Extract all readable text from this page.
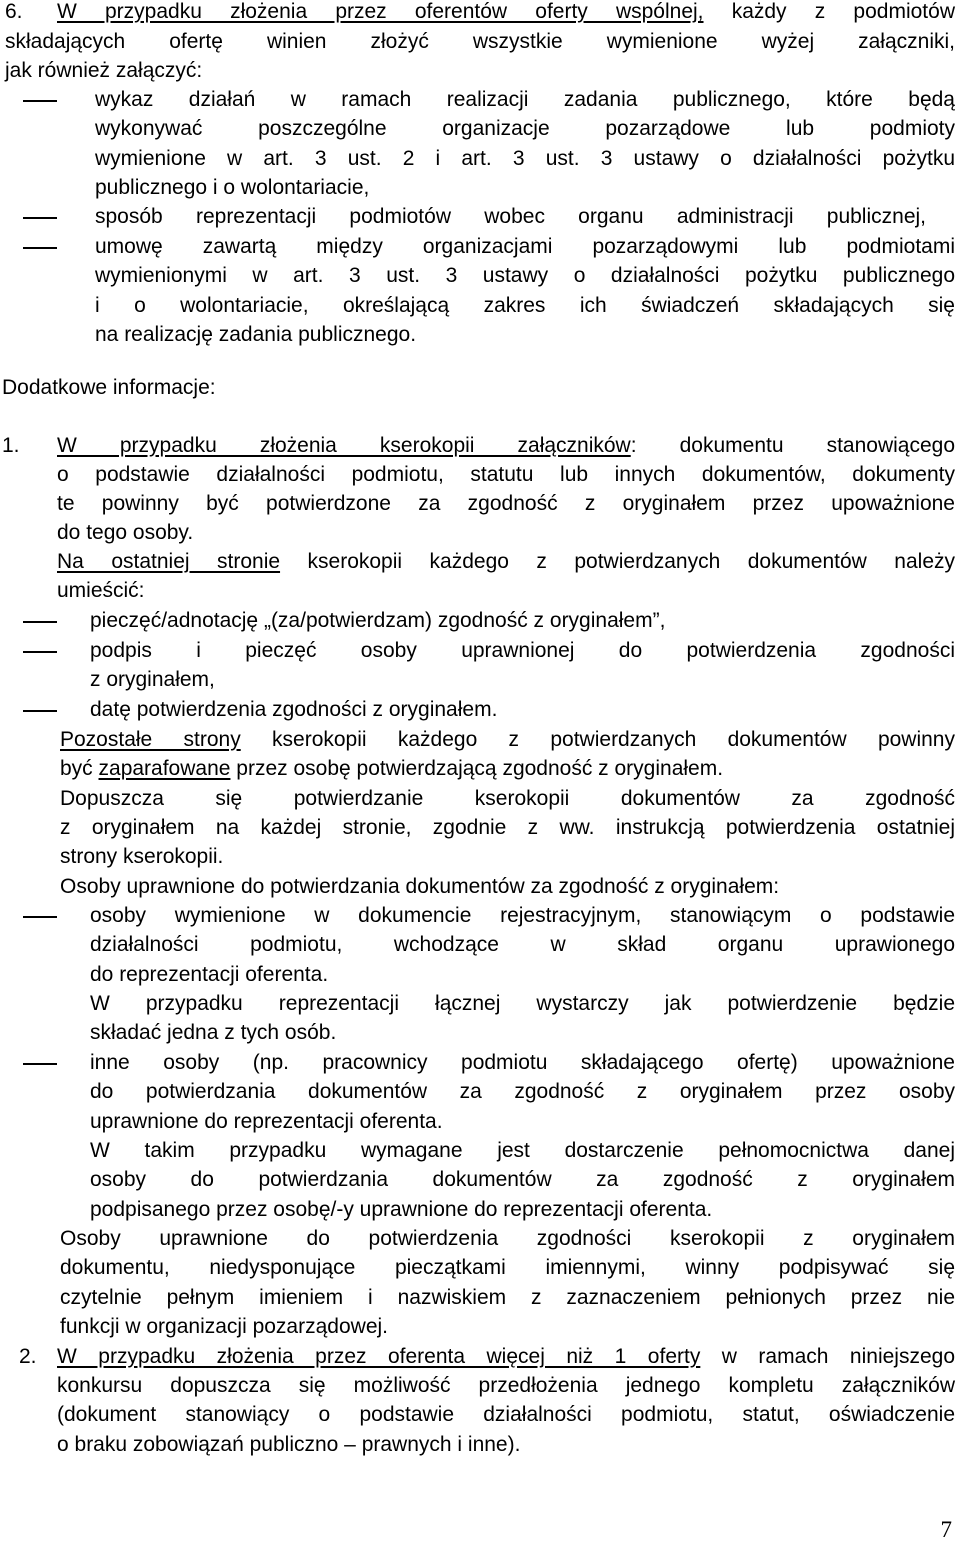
6. W przypadku złożenia przez oferentów oferty wspólnej, każdy z podmiotów
składających ofertę winien złożyć wszystkie wymienione wyżej załączniki,
jak również załączyć:
wykaz działań w ramach realizacji zadania publicznego, które będą
wykonywać poszczególne organizacje pozarządowe lub podmioty
wymienione w art. 3 ust. 2 i art. 3 ust. 3 ustawy o działalności pożytku
publicznego i o wolontariacie,
sposób reprezentacji podmiotów wobec organu administracji publicznej,
umowę zawartą między organizacjami pozarządowymi lub podmiotami
wymienionymi w art. 3 ust. 3 ustawy o działalności pożytku publicznego
i o wolontariacie, określającą zakres ich świadczeń składających się
na realizację zadania publicznego.
Dodatkowe informacje:
1. W przypadku złożenia kserokopii załączników: dokumentu stanowiącego
o podstawie działalności podmiotu, statutu lub innych dokumentów, dokumenty
te powinny być potwierdzone za zgodność z oryginałem przez upoważnione
do tego osoby.
Na ostatniej stronie kserokopii każdego z potwierdzanych dokumentów należy
umieścić:
pieczęć/adnotację „(za/potwierdzam) zgodność z oryginałem”,
podpis i pieczęć osoby uprawnionej do potwierdzenia zgodności
z oryginałem,
datę potwierdzenia zgodności z oryginałem.
Pozostałe strony kserokopii każdego z potwierdzanych dokumentów powinny
być zaparafowane przez osobę potwierdzającą zgodność z oryginałem.
Dopuszcza się potwierdzanie kserokopii dokumentów za zgodność
z oryginałem na każdej stronie, zgodnie z ww. instrukcją potwierdzenia ostatniej
strony kserokopii.
Osoby uprawnione do potwierdzania dokumentów za zgodność z oryginałem:
osoby wymienione w dokumencie rejestracyjnym, stanowiącym o podstawie
działalności podmiotu, wchodzące w skład organu uprawionego
do reprezentacji oferenta.
W przypadku reprezentacji łącznej wystarczy jak potwierdzenie będzie
składać jedna z tych osób.
inne osoby (np. pracownicy podmiotu składającego ofertę) upoważnione
do potwierdzania dokumentów za zgodność z oryginałem przez osoby
uprawnione do reprezentacji oferenta.
W takim przypadku wymagane jest dostarczenie pełnomocnictwa danej
osoby do potwierdzania dokumentów za zgodność z oryginałem
podpisanego przez osobę/-y uprawnione do reprezentacji oferenta.
Osoby uprawnione do potwierdzenia zgodności kserokopii z oryginałem
dokumentu, niedysponujące pieczątkami imiennymi, winny podpisywać się
czytelnie pełnym imieniem i nazwiskiem z zaznaczeniem pełnionych przez nie
funkcji w organizacji pozarządowej.
2. W przypadku złożenia przez oferenta więcej niż 1 oferty w ramach niniejszego
konkursu dopuszcza się możliwość przedłożenia jednego kompletu załączników
(dokument stanowiący o podstawie działalności podmiotu, statut, oświadczenie
o braku zobowiązań publiczno – prawnych i inne).
7
